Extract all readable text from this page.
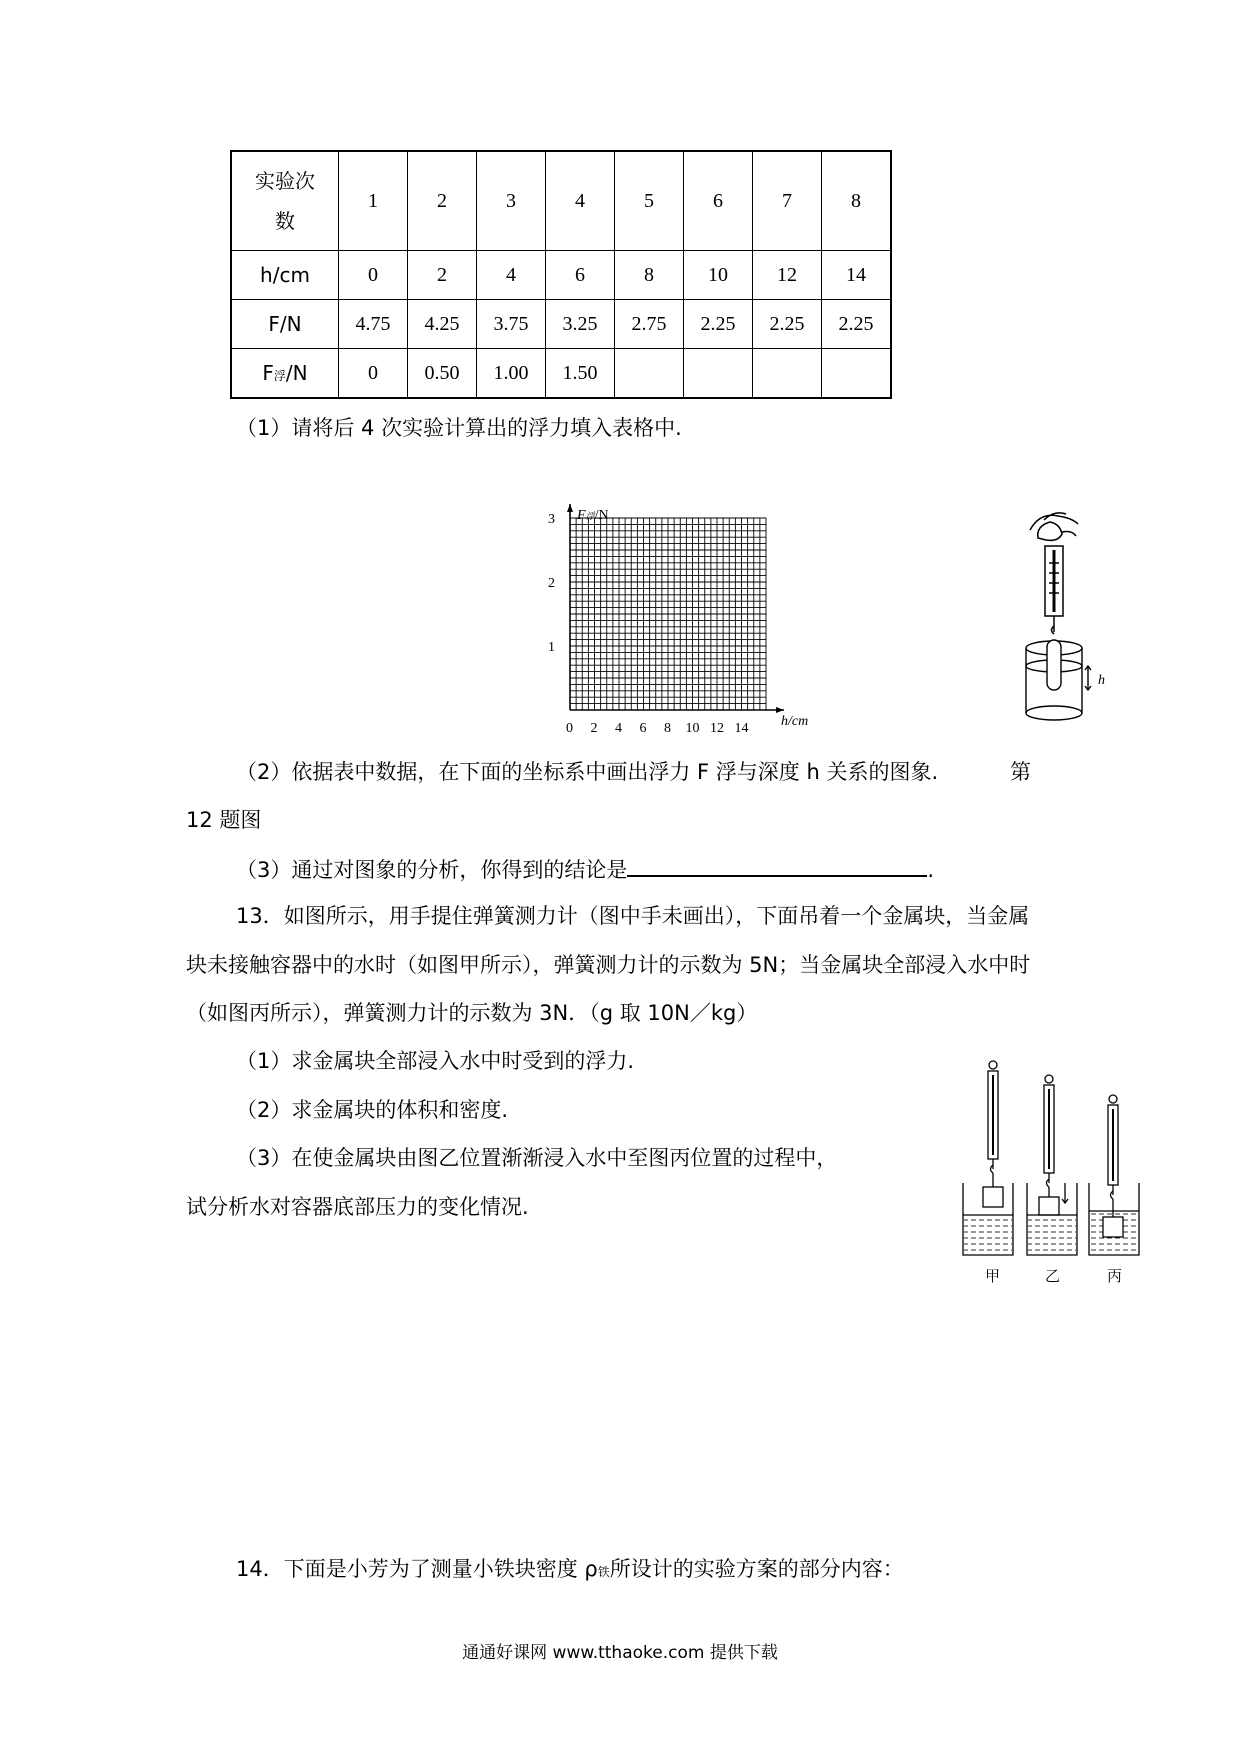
实验次
数	1	2	3	4	5	6	7	8
h/cm	0	2	4	6	8	10	12	14
F/N	4.75	4.25	3.75	3.25	2.75	2.25	2.25	2.25
F浮/N	0	0.50	1.00	1.50				
（1）请将后 4 次实验计算出的浮力填入表格中.
F浮/N
h/cm
3
2
1
0 2 4 6 8 10 12 14
h
（2）依据表中数据，在下面的坐标系中画出浮力 F 浮与深度 h 关系的图象.	第
12 题图
（3）通过对图象的分析，你得到的结论是	.
13．如图所示，用手提住弹簧测力计（图中手未画出），下面吊着一个金属块，当金属
块未接触容器中的水时（如图甲所示），弹簧测力计的示数为 5N；当金属块全部浸入水中时
（如图丙所示），弹簧测力计的示数为 3N．（g 取 10N／kg）
（1）求金属块全部浸入水中时受到的浮力.
（2）求金属块的体积和密度.
（3）在使金属块由图乙位置渐渐浸入水中至图丙位置的过程中，
试分析水对容器底部压力的变化情况.
甲	乙	丙
14．下面是小芳为了测量小铁块密度 ρ铁所设计的实验方案的部分内容：
通通好课网 www.tthaoke.com 提供下载
